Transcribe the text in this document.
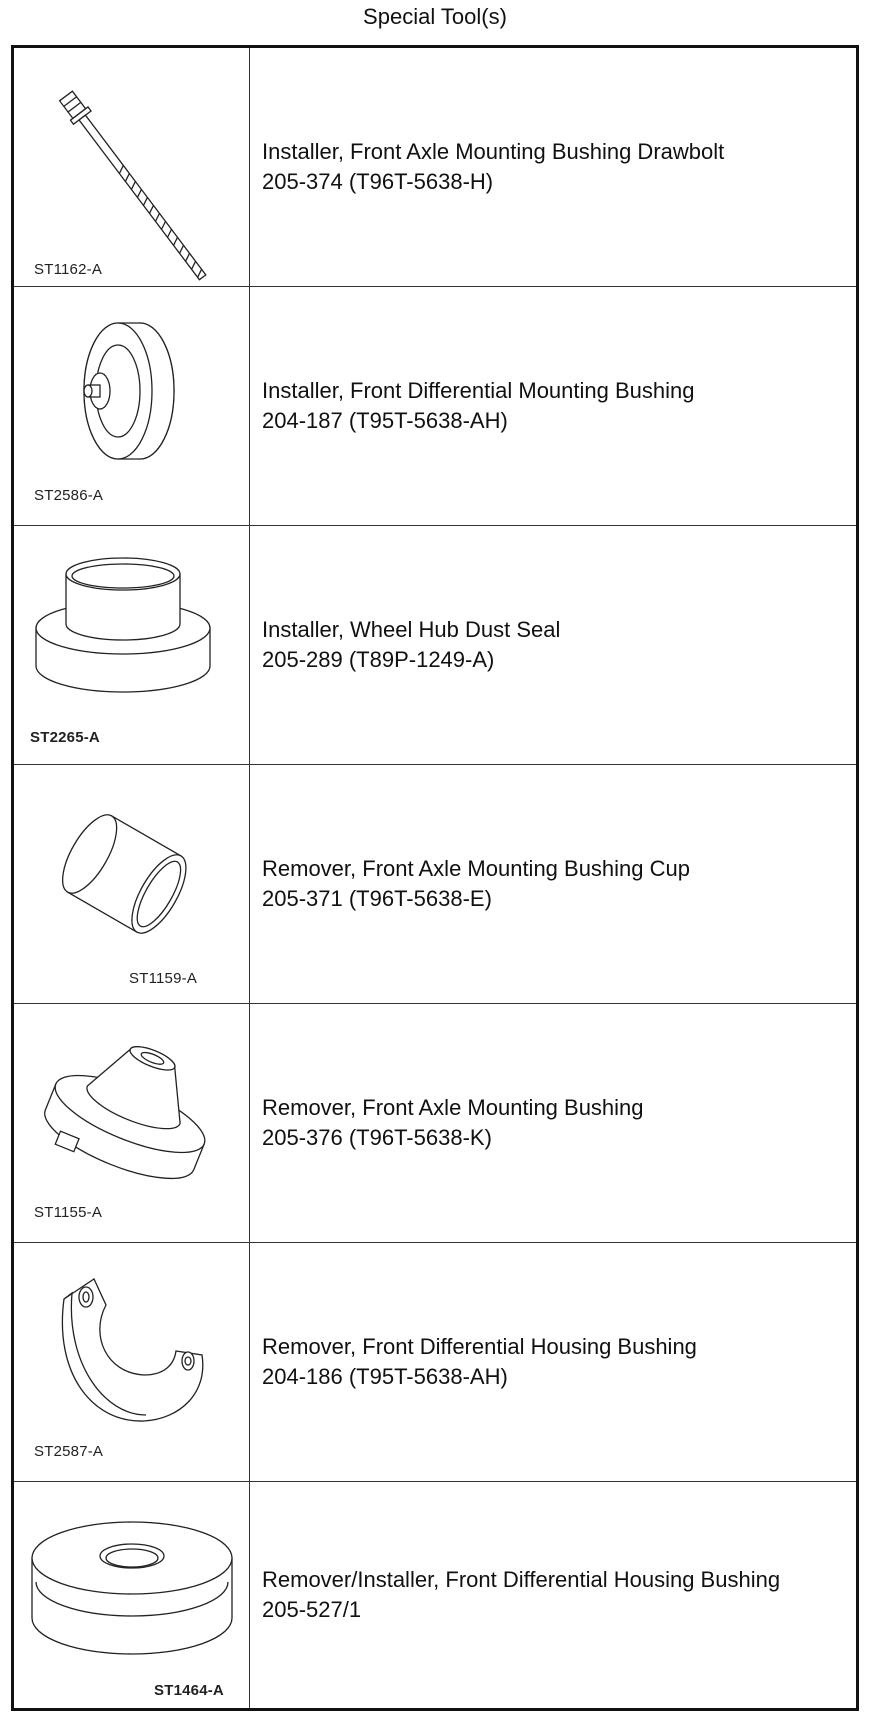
Special Tool(s)
ST1162-A
Installer, Front Axle Mounting Bushing Drawbolt
205-374 (T96T-5638-H)
ST2586-A
Installer, Front Differential Mounting Bushing
204-187 (T95T-5638-AH)
ST2265-A
Installer, Wheel Hub Dust Seal
205-289 (T89P-1249-A)
ST1159-A
Remover, Front Axle Mounting Bushing Cup
205-371 (T96T-5638-E)
ST1155-A
Remover, Front Axle Mounting Bushing
205-376 (T96T-5638-K)
ST2587-A
Remover, Front Differential Housing Bushing
204-186 (T95T-5638-AH)
ST1464-A
Remover/Installer, Front Differential Housing Bushing
205-527/1
